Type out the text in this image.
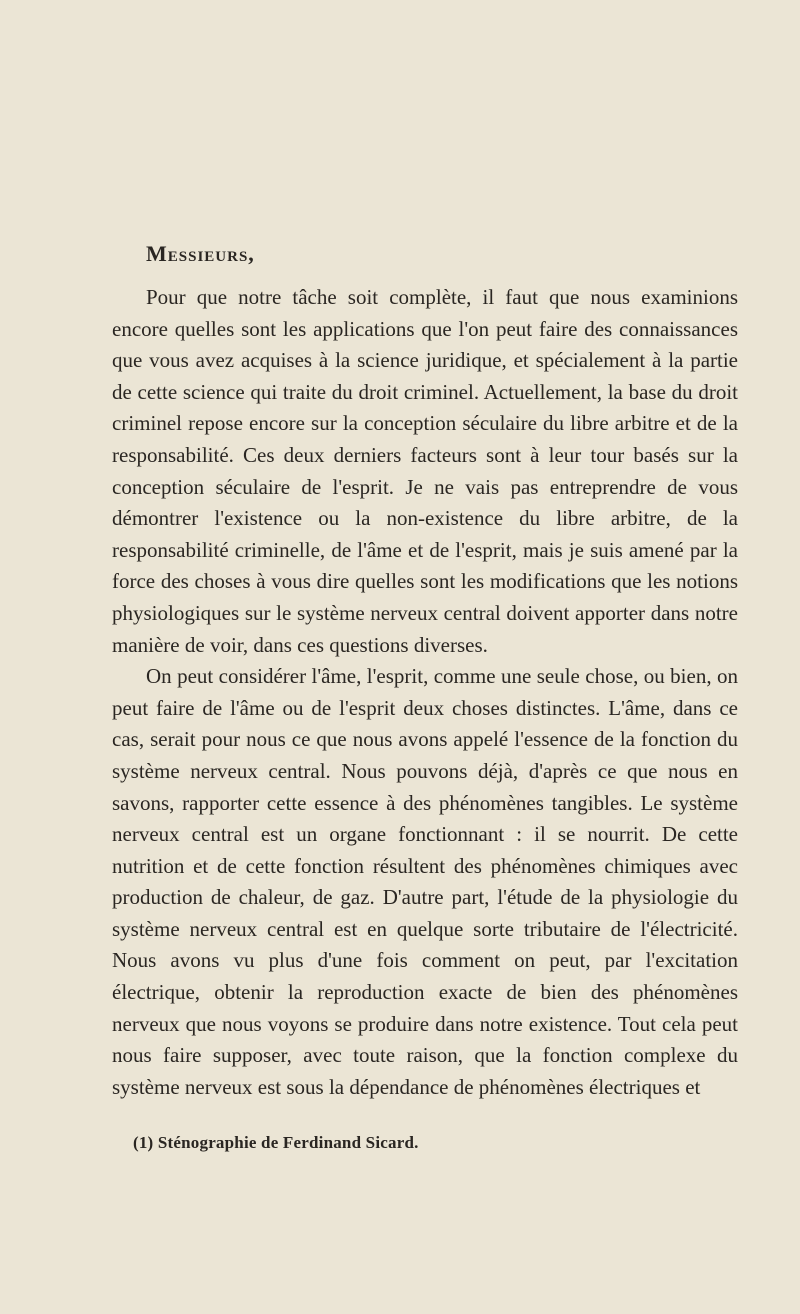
Messieurs,

Pour que notre tâche soit complète, il faut que nous examinions encore quelles sont les applications que l'on peut faire des connaissances que vous avez acquises à la science juridique, et spécialement à la partie de cette science qui traite du droit criminel. Actuellement, la base du droit criminel repose encore sur la conception séculaire du libre arbitre et de la responsabilité. Ces deux derniers facteurs sont à leur tour basés sur la conception séculaire de l'esprit. Je ne vais pas entreprendre de vous démontrer l'existence ou la non-existence du libre arbitre, de la responsabilité criminelle, de l'âme et de l'esprit, mais je suis amené par la force des choses à vous dire quelles sont les modifications que les notions physiologiques sur le système nerveux central doivent apporter dans notre manière de voir, dans ces questions diverses.

On peut considérer l'âme, l'esprit, comme une seule chose, ou bien, on peut faire de l'âme ou de l'esprit deux choses distinctes. L'âme, dans ce cas, serait pour nous ce que nous avons appelé l'essence de la fonction du système nerveux central. Nous pouvons déjà, d'après ce que nous en savons, rapporter cette essence à des phénomènes tangibles. Le système nerveux central est un organe fonctionnant : il se nourrit. De cette nutrition et de cette fonction résultent des phénomènes chimiques avec production de chaleur, de gaz. D'autre part, l'étude de la physiologie du système nerveux central est en quelque sorte tributaire de l'électricité. Nous avons vu plus d'une fois comment on peut, par l'excitation électrique, obtenir la reproduction exacte de bien des phénomènes nerveux que nous voyons se produire dans notre existence. Tout cela peut nous faire supposer, avec toute raison, que la fonction complexe du système nerveux est sous la dépendance de phénomènes électriques et

(1) Sténographie de Ferdinand Sicard.
